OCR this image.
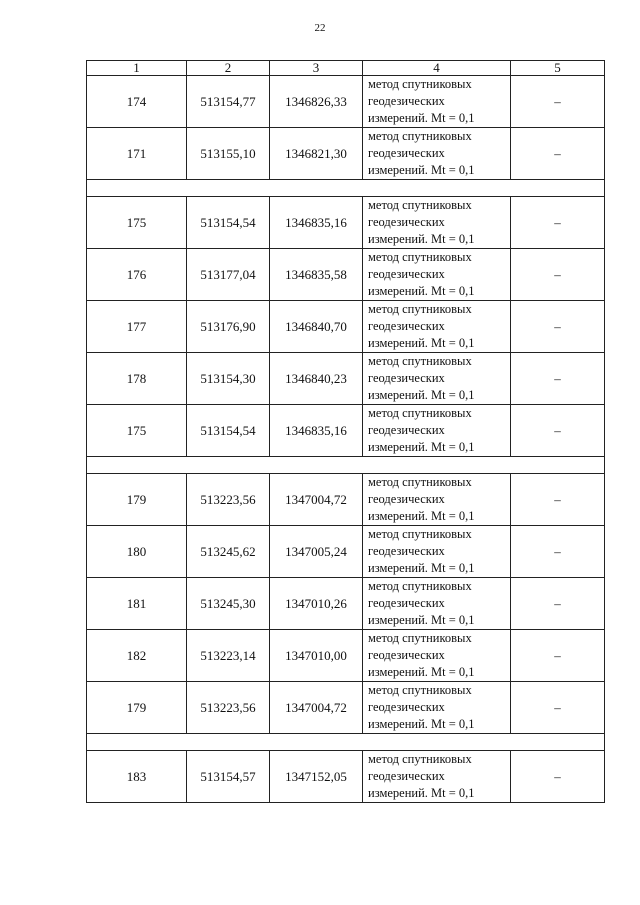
22
1	2	3	4	5
174	513154,77	1346826,33	метод спутниковых
геодезических
измерений. Mt = 0,1	–
171	513155,10	1346821,30	метод спутниковых
геодезических
измерений. Mt = 0,1	–

175	513154,54	1346835,16	метод спутниковых
геодезических
измерений. Mt = 0,1	–
176	513177,04	1346835,58	метод спутниковых
геодезических
измерений. Mt = 0,1	–
177	513176,90	1346840,70	метод спутниковых
геодезических
измерений. Mt = 0,1	–
178	513154,30	1346840,23	метод спутниковых
геодезических
измерений. Mt = 0,1	–
175	513154,54	1346835,16	метод спутниковых
геодезических
измерений. Mt = 0,1	–

179	513223,56	1347004,72	метод спутниковых
геодезических
измерений. Mt = 0,1	–
180	513245,62	1347005,24	метод спутниковых
геодезических
измерений. Mt = 0,1	–
181	513245,30	1347010,26	метод спутниковых
геодезических
измерений. Mt = 0,1	–
182	513223,14	1347010,00	метод спутниковых
геодезических
измерений. Mt = 0,1	–
179	513223,56	1347004,72	метод спутниковых
геодезических
измерений. Mt = 0,1	–

183	513154,57	1347152,05	метод спутниковых
геодезических
измерений. Mt = 0,1	–
